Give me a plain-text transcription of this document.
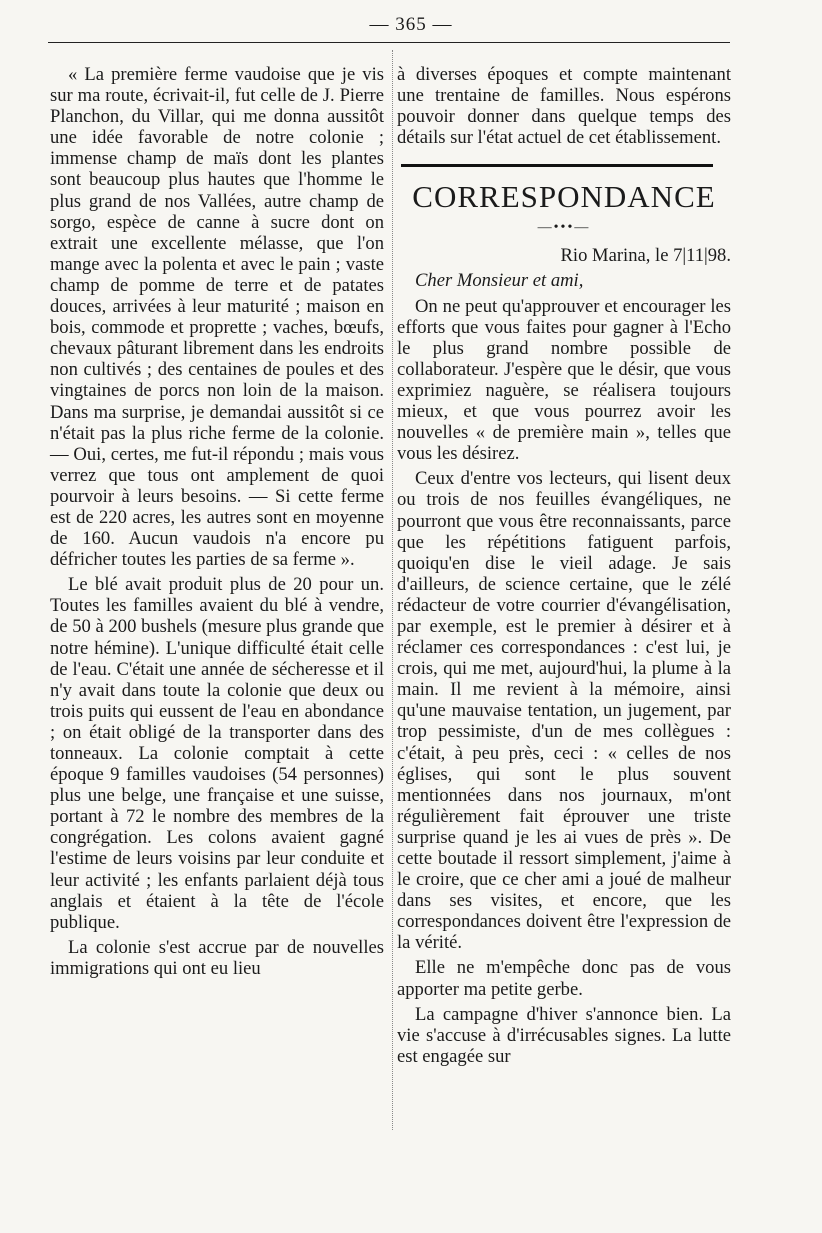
— 365 —

« La première ferme vaudoise que je vis sur ma route, écrivait-il, fut celle de J. Pierre Planchon, du Villar, qui me donna aussitôt une idée favorable de notre colonie ; immense champ de maïs dont les plantes sont beaucoup plus hautes que l'homme le plus grand de nos Vallées, autre champ de sorgo, espèce de canne à sucre dont on extrait une excellente mélasse, que l'on mange avec la polenta et avec le pain ; vaste champ de pomme de terre et de patates douces, arrivées à leur maturité ; maison en bois, commode et proprette ; vaches, bœufs, chevaux pâturant librement dans les endroits non cultivés ; des centaines de poules et des vingtaines de porcs non loin de la maison. Dans ma surprise, je demandai aussitôt si ce n'était pas la plus riche ferme de la colonie. — Oui, certes, me fut-il répondu ; mais vous verrez que tous ont amplement de quoi pourvoir à leurs besoins. — Si cette ferme est de 220 acres, les autres sont en moyenne de 160. Aucun vaudois n'a encore pu défricher toutes les parties de sa ferme ».

Le blé avait produit plus de 20 pour un. Toutes les familles avaient du blé à vendre, de 50 à 200 bushels (mesure plus grande que notre hémine). L'unique difficulté était celle de l'eau. C'était une année de sécheresse et il n'y avait dans toute la colonie que deux ou trois puits qui eussent de l'eau en abondance ; on était obligé de la transporter dans des tonneaux. La colonie comptait à cette époque 9 familles vaudoises (54 personnes) plus une belge, une française et une suisse, portant à 72 le nombre des membres de la congrégation. Les colons avaient gagné l'estime de leurs voisins par leur conduite et leur activité ; les enfants parlaient déjà tous anglais et étaient à la tête de l'école publique.

La colonie s'est accrue par de nouvelles immigrations qui ont eu lieu

à diverses époques et compte maintenant une trentaine de familles. Nous espérons pouvoir donner dans quelque temps des détails sur l'état actuel de cet établissement.

CORRESPONDANCE
—•••—

Rio Marina, le 7|11|98.

Cher Monsieur et ami,

On ne peut qu'approuver et encourager les efforts que vous faites pour gagner à l'Echo le plus grand nombre possible de collaborateur. J'espère que le désir, que vous exprimiez naguère, se réalisera toujours mieux, et que vous pourrez avoir les nouvelles « de première main », telles que vous les désirez.

Ceux d'entre vos lecteurs, qui lisent deux ou trois de nos feuilles évangéliques, ne pourront que vous être reconnaissants, parce que les répétitions fatiguent parfois, quoiqu'en dise le vieil adage. Je sais d'ailleurs, de science certaine, que le zélé rédacteur de votre courrier d'évangélisation, par exemple, est le premier à désirer et à réclamer ces correspondances : c'est lui, je crois, qui me met, aujourd'hui, la plume à la main. Il me revient à la mémoire, ainsi qu'une mauvaise tentation, un jugement, par trop pessimiste, d'un de mes collègues : c'était, à peu près, ceci : « celles de nos églises, qui sont le plus souvent mentionnées dans nos journaux, m'ont régulièrement fait éprouver une triste surprise quand je les ai vues de près ». De cette boutade il ressort simplement, j'aime à le croire, que ce cher ami a joué de malheur dans ses visites, et encore, que les correspondances doivent être l'expression de la vérité.

Elle ne m'empêche donc pas de vous apporter ma petite gerbe.

La campagne d'hiver s'annonce bien. La vie s'accuse à d'irrécusables signes. La lutte est engagée sur
